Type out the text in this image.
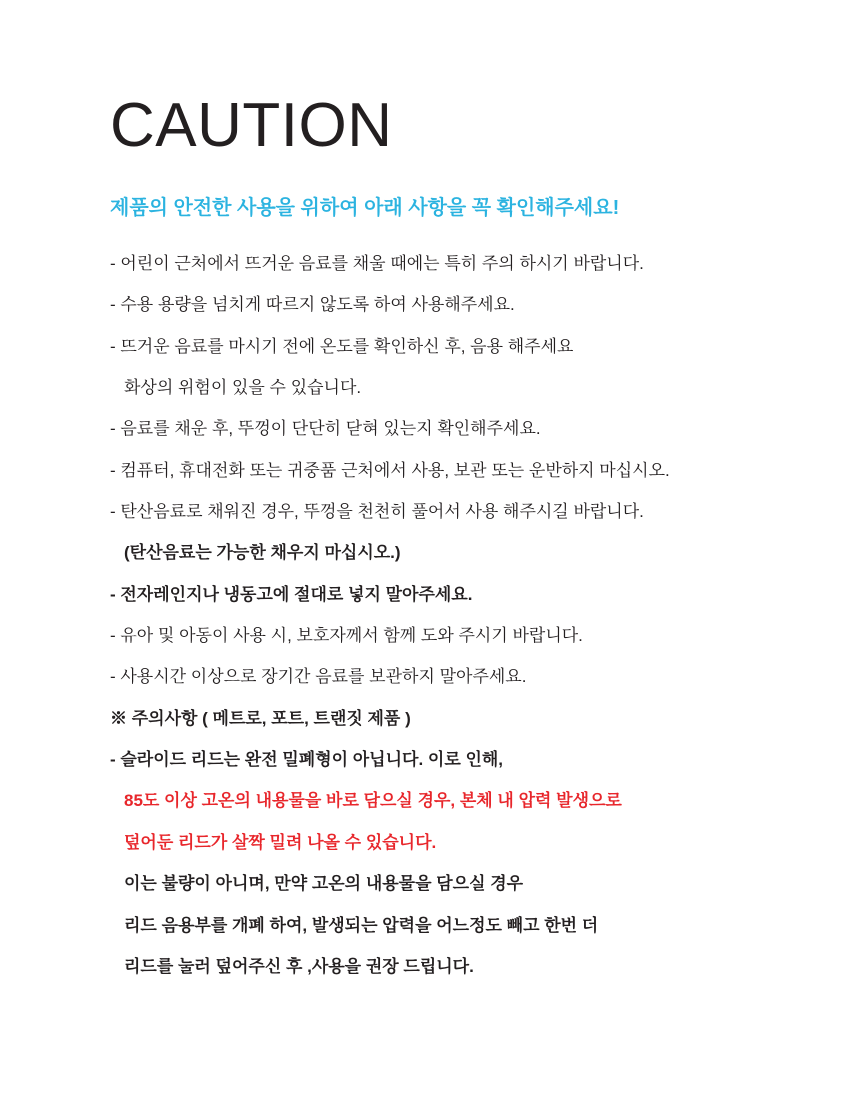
CAUTION
제품의 안전한 사용을 위하여 아래 사항을 꼭 확인해주세요!
- 어린이 근처에서 뜨거운 음료를 채울 때에는 특히 주의 하시기 바랍니다.
- 수용 용량을 넘치게 따르지 않도록 하여 사용해주세요.
- 뜨거운 음료를 마시기 전에 온도를 확인하신 후, 음용 해주세요
화상의 위험이 있을 수 있습니다.
- 음료를 채운 후, 뚜껑이 단단히 닫혀 있는지 확인해주세요.
- 컴퓨터, 휴대전화 또는 귀중품 근처에서 사용, 보관 또는 운반하지 마십시오.
- 탄산음료로 채워진 경우, 뚜껑을 천천히 풀어서 사용 해주시길 바랍니다.
(탄산음료는 가능한 채우지 마십시오.)
- 전자레인지나 냉동고에 절대로 넣지 말아주세요.
- 유아 및 아동이 사용 시, 보호자께서 함께 도와 주시기 바랍니다.
- 사용시간 이상으로 장기간 음료를 보관하지 말아주세요.
※ 주의사항 ( 메트로, 포트, 트랜짓 제품 )
- 슬라이드 리드는 완전 밀폐형이 아닙니다. 이로 인해,
85도 이상 고온의 내용물을 바로 담으실 경우, 본체 내 압력 발생으로
덮어둔 리드가 살짝 밀려 나올 수 있습니다.
이는 불량이 아니며, 만약 고온의 내용물을 담으실 경우
리드 음용부를 개폐 하여, 발생되는 압력을 어느정도 빼고 한번 더
리드를 눌러 덮어주신 후 ,사용을 권장 드립니다.
